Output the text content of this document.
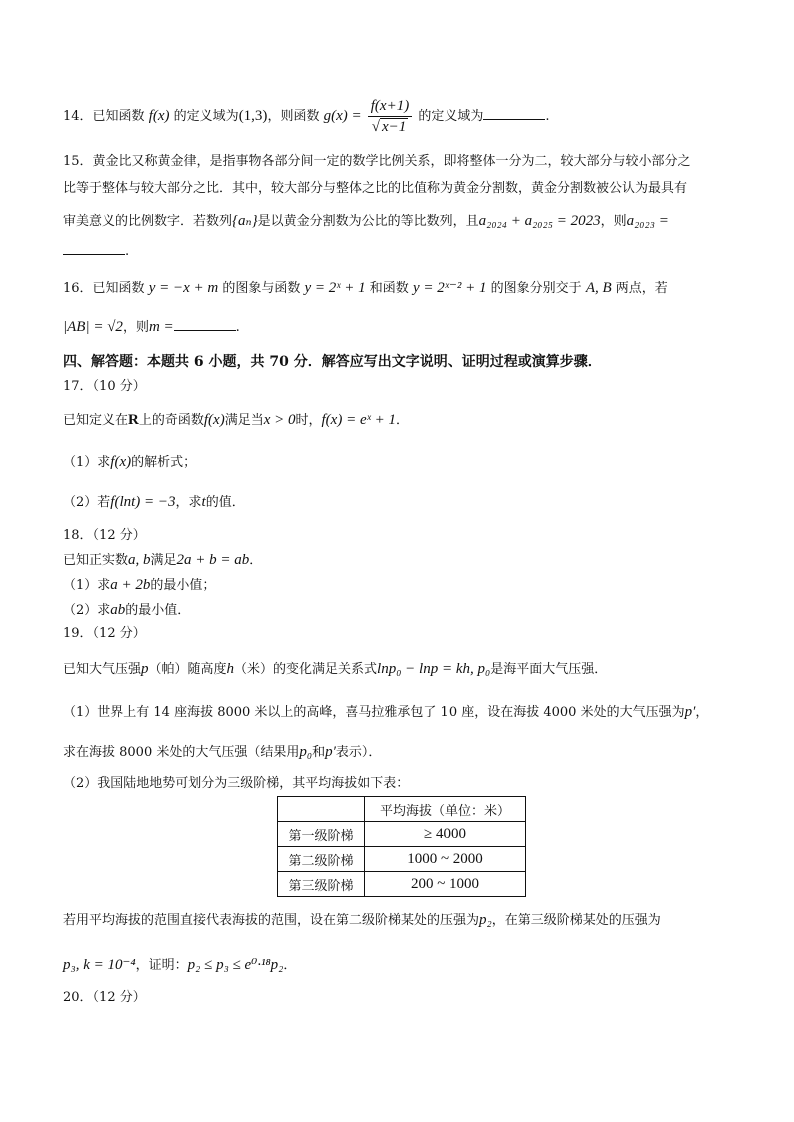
14．已知函数 f(x) 的定义域为(1,3)，则函数 $g(x) = \frac{f(x+1)}{√ x-1}$ 的定义域为	.
15．黄金比又称黄金律，是指事物各部分间一定的数学比例关系，即将整体一分为二，较大部分与较小部分之
比等于整体与较大部分之比．其中，较大部分与整体之比的比值称为黄金分割数，黄金分割数被公认为最具有
审美意义的比例数字．若数列{aₙ}是以黄金分割数为公比的等比数列，且a₂₀₂₄ + a₂₀₂₅ = 2023，则a₂₀₂₃ =
.
16．已知函数 y = −x + m 的图象与函数 y = 2ˣ + 1 和函数 y = 2ˣ⁻² + 1 的图象分别交于 A, B 两点，若
|AB| = √2，则m =	.
四、解答题：本题共 6 小题，共 70 分．解答应写出文字说明、证明过程或演算步骤．
17．（10 分）
已知定义在R上的奇函数f(x)满足当x > 0时，f(x) = eˣ + 1．
（1）求f(x)的解析式；
（2）若f(lnt) = −3，求t的值．
18．（12 分）
已知正实数a, b满足2a + b = ab．
（1）求a + 2b的最小值；
（2）求ab的最小值．
19．（12 分）
已知大气压强p（帕）随高度h（米）的变化满足关系式lnp₀ − lnp = kh, p₀是海平面大气压强．
（1）世界上有 14 座海拔 8000 米以上的高峰，喜马拉雅承包了 10 座，设在海拔 4000 米处的大气压强为p′，
求在海拔 8000 米处的大气压强（结果用p₀和p′表示）．
（2）我国陆地地势可划分为三级阶梯，其平均海拔如下表：
	平均海拔（单位：米）
第一级阶梯	≥ 4000
第二级阶梯	1000 ~ 2000
第三级阶梯	200 ~ 1000
若用平均海拔的范围直接代表海拔的范围，设在第二级阶梯某处的压强为p₂，在第三级阶梯某处的压强为
p₃, k = 10⁻⁴，证明：p₂ ≤ p₃ ≤ e⁰·¹⁸p₂．
20．（12 分）
